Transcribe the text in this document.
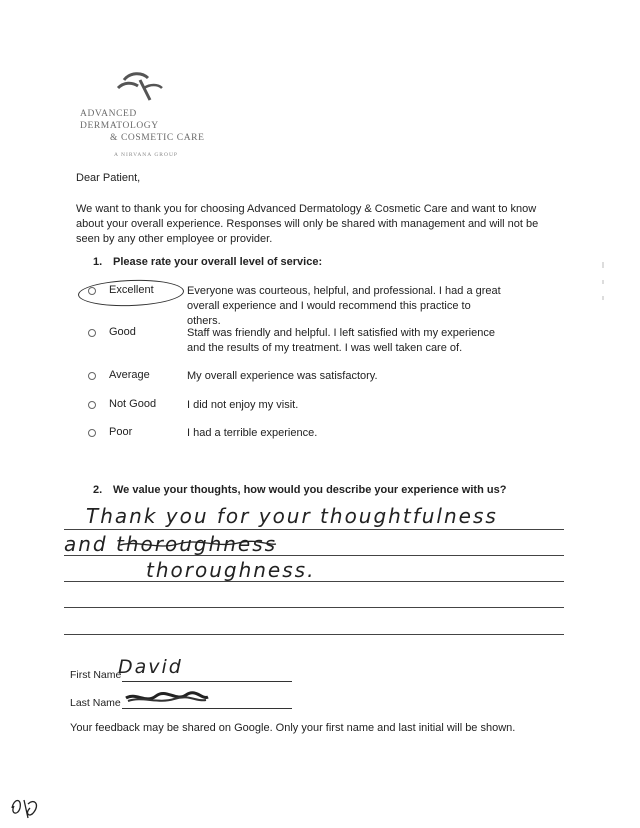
ADVANCED DERMATOLOGY
& COSMETIC CARE
A NIRVANA GROUP
Dear Patient,
We want to thank you for choosing Advanced Dermatology & Cosmetic Care and want to know about your overall experience. Responses will only be shared with management and will not be seen by any other employee or provider.
1. Please rate your overall level of service:
Excellent	Everyone was courteous, helpful, and professional. I had a great overall experience and I would recommend this practice to others.
Good	Staff was friendly and helpful. I left satisfied with my experience and the results of my treatment. I was well taken care of.
Average	My overall experience was satisfactory.
Not Good	I did not enjoy my visit.
Poor	I had a terrible experience.
2. We value your thoughts, how would you describe your experience with us?
Thank you for your thoughtfulness
and thoroughness
thoroughness.
First Name
David
Last Name
Your feedback may be shared on Google. Only your first name and last initial will be shown.
